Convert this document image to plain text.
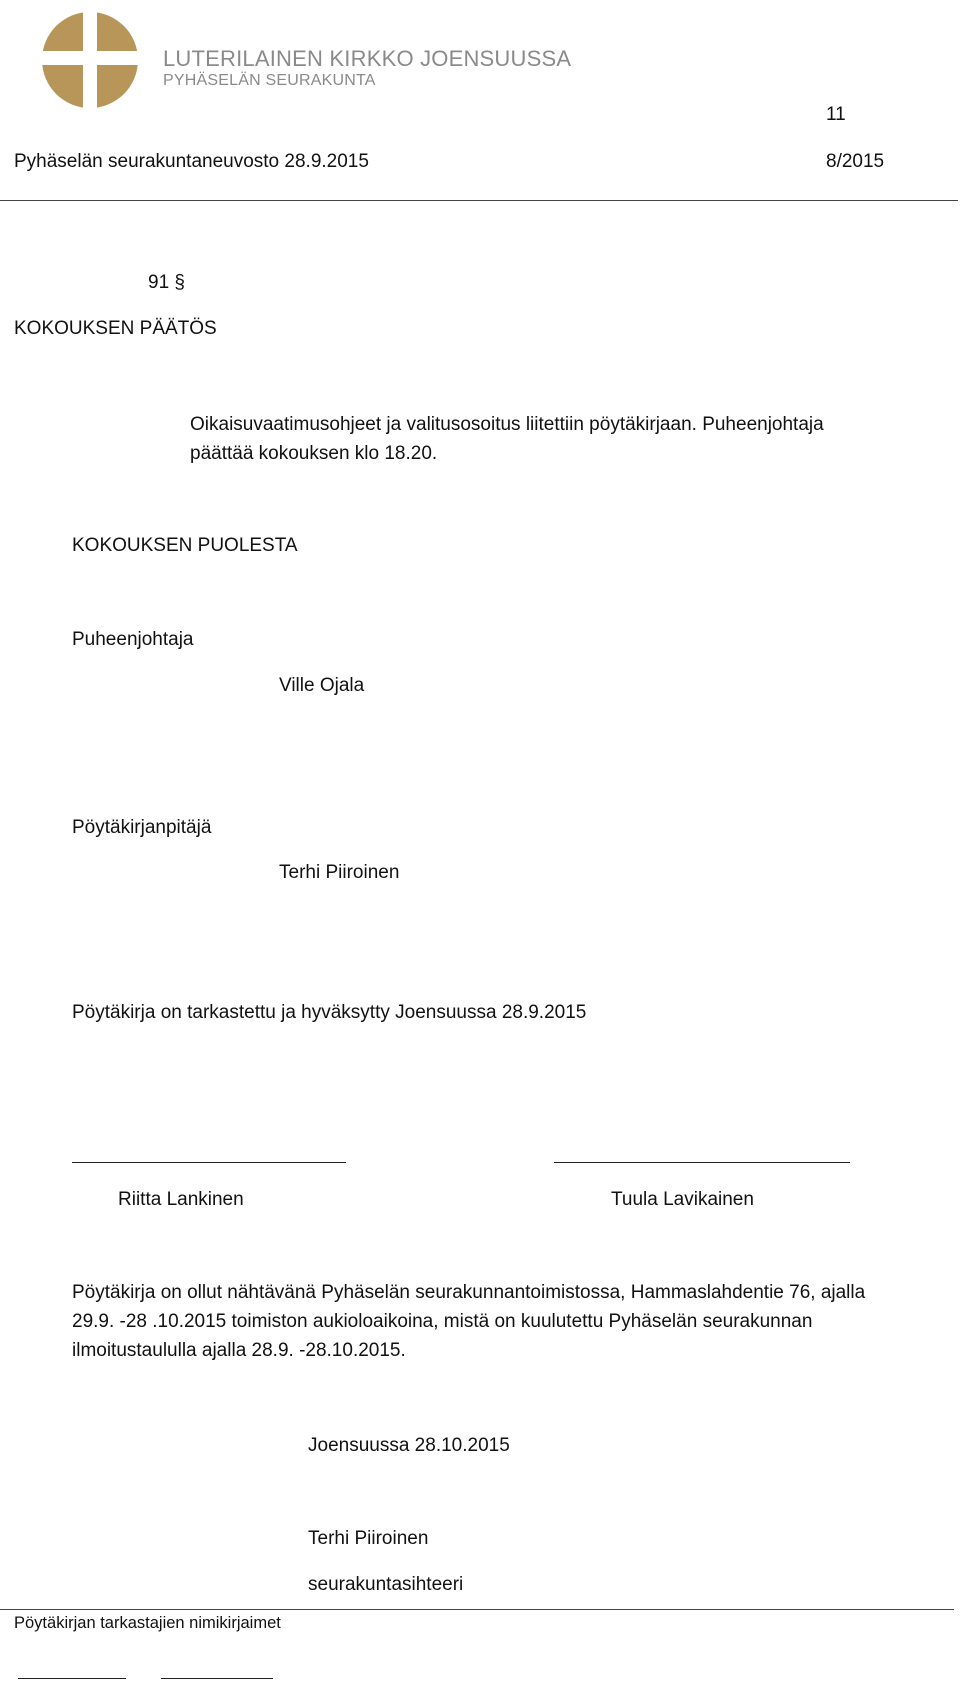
LUTERILAINEN KIRKKO JOENSUUSSA
PYHÄSELÄN SEURAKUNTA
11
Pyhäselän seurakuntaneuvosto 28.9.2015	8/2015
91 §
KOKOUKSEN PÄÄTÖS
Oikaisuvaatimusohjeet ja valitusosoitus liitettiin pöytäkirjaan. Puheenjohtaja päättää kokouksen klo 18.20.
KOKOUKSEN PUOLESTA
Puheenjohtaja
Ville Ojala
Pöytäkirjanpitäjä
Terhi Piiroinen
Pöytäkirja on tarkastettu ja hyväksytty Joensuussa 28.9.2015
Riitta Lankinen	Tuula Lavikainen
Pöytäkirja on ollut nähtävänä Pyhäselän seurakunnantoimistossa, Hammaslahdentie 76, ajalla 29.9. -28 .10.2015 toimiston aukioloaikoina, mistä on kuulutettu Pyhäselän seurakunnan ilmoitustaululla ajalla 28.9. -28.10.2015.
Joensuussa 28.10.2015
Terhi Piiroinen
seurakuntasihteeri
Pöytäkirjan tarkastajien nimikirjaimet
